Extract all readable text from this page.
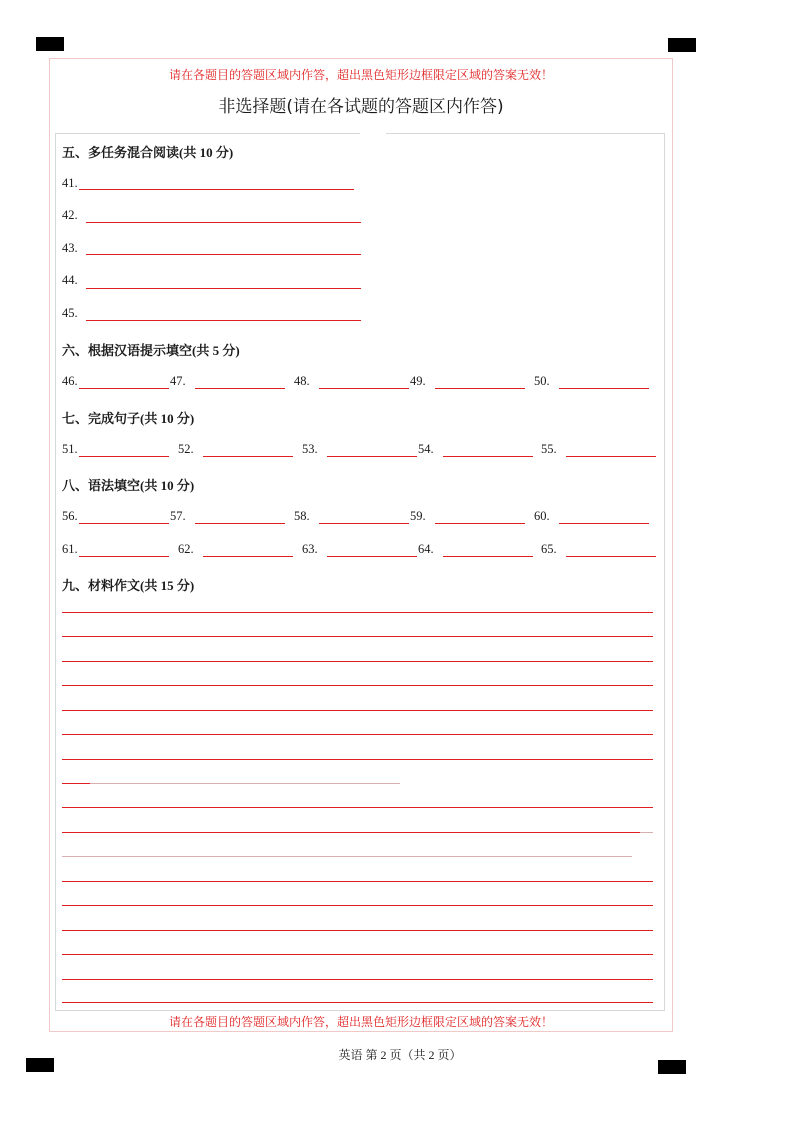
请在各题目的答题区域内作答，超出黑色矩形边框限定区域的答案无效！
非选择题(请在各试题的答题区内作答)
五、多任务混合阅读(共 10 分)
41.
42.
43.
44.
45.
六、根据汉语提示填空(共 5 分)
46.	47.	48.	49.	50.
七、完成句子(共 10 分)
51.	52.	53.	54.	55.
八、语法填空(共 10 分)
56.	57.	58.	59.	60.
61.	62.	63.	64.	65.
九、材料作文(共 15 分)
请在各题目的答题区域内作答，超出黑色矩形边框限定区域的答案无效！
英语 第 2 页（共 2 页）
